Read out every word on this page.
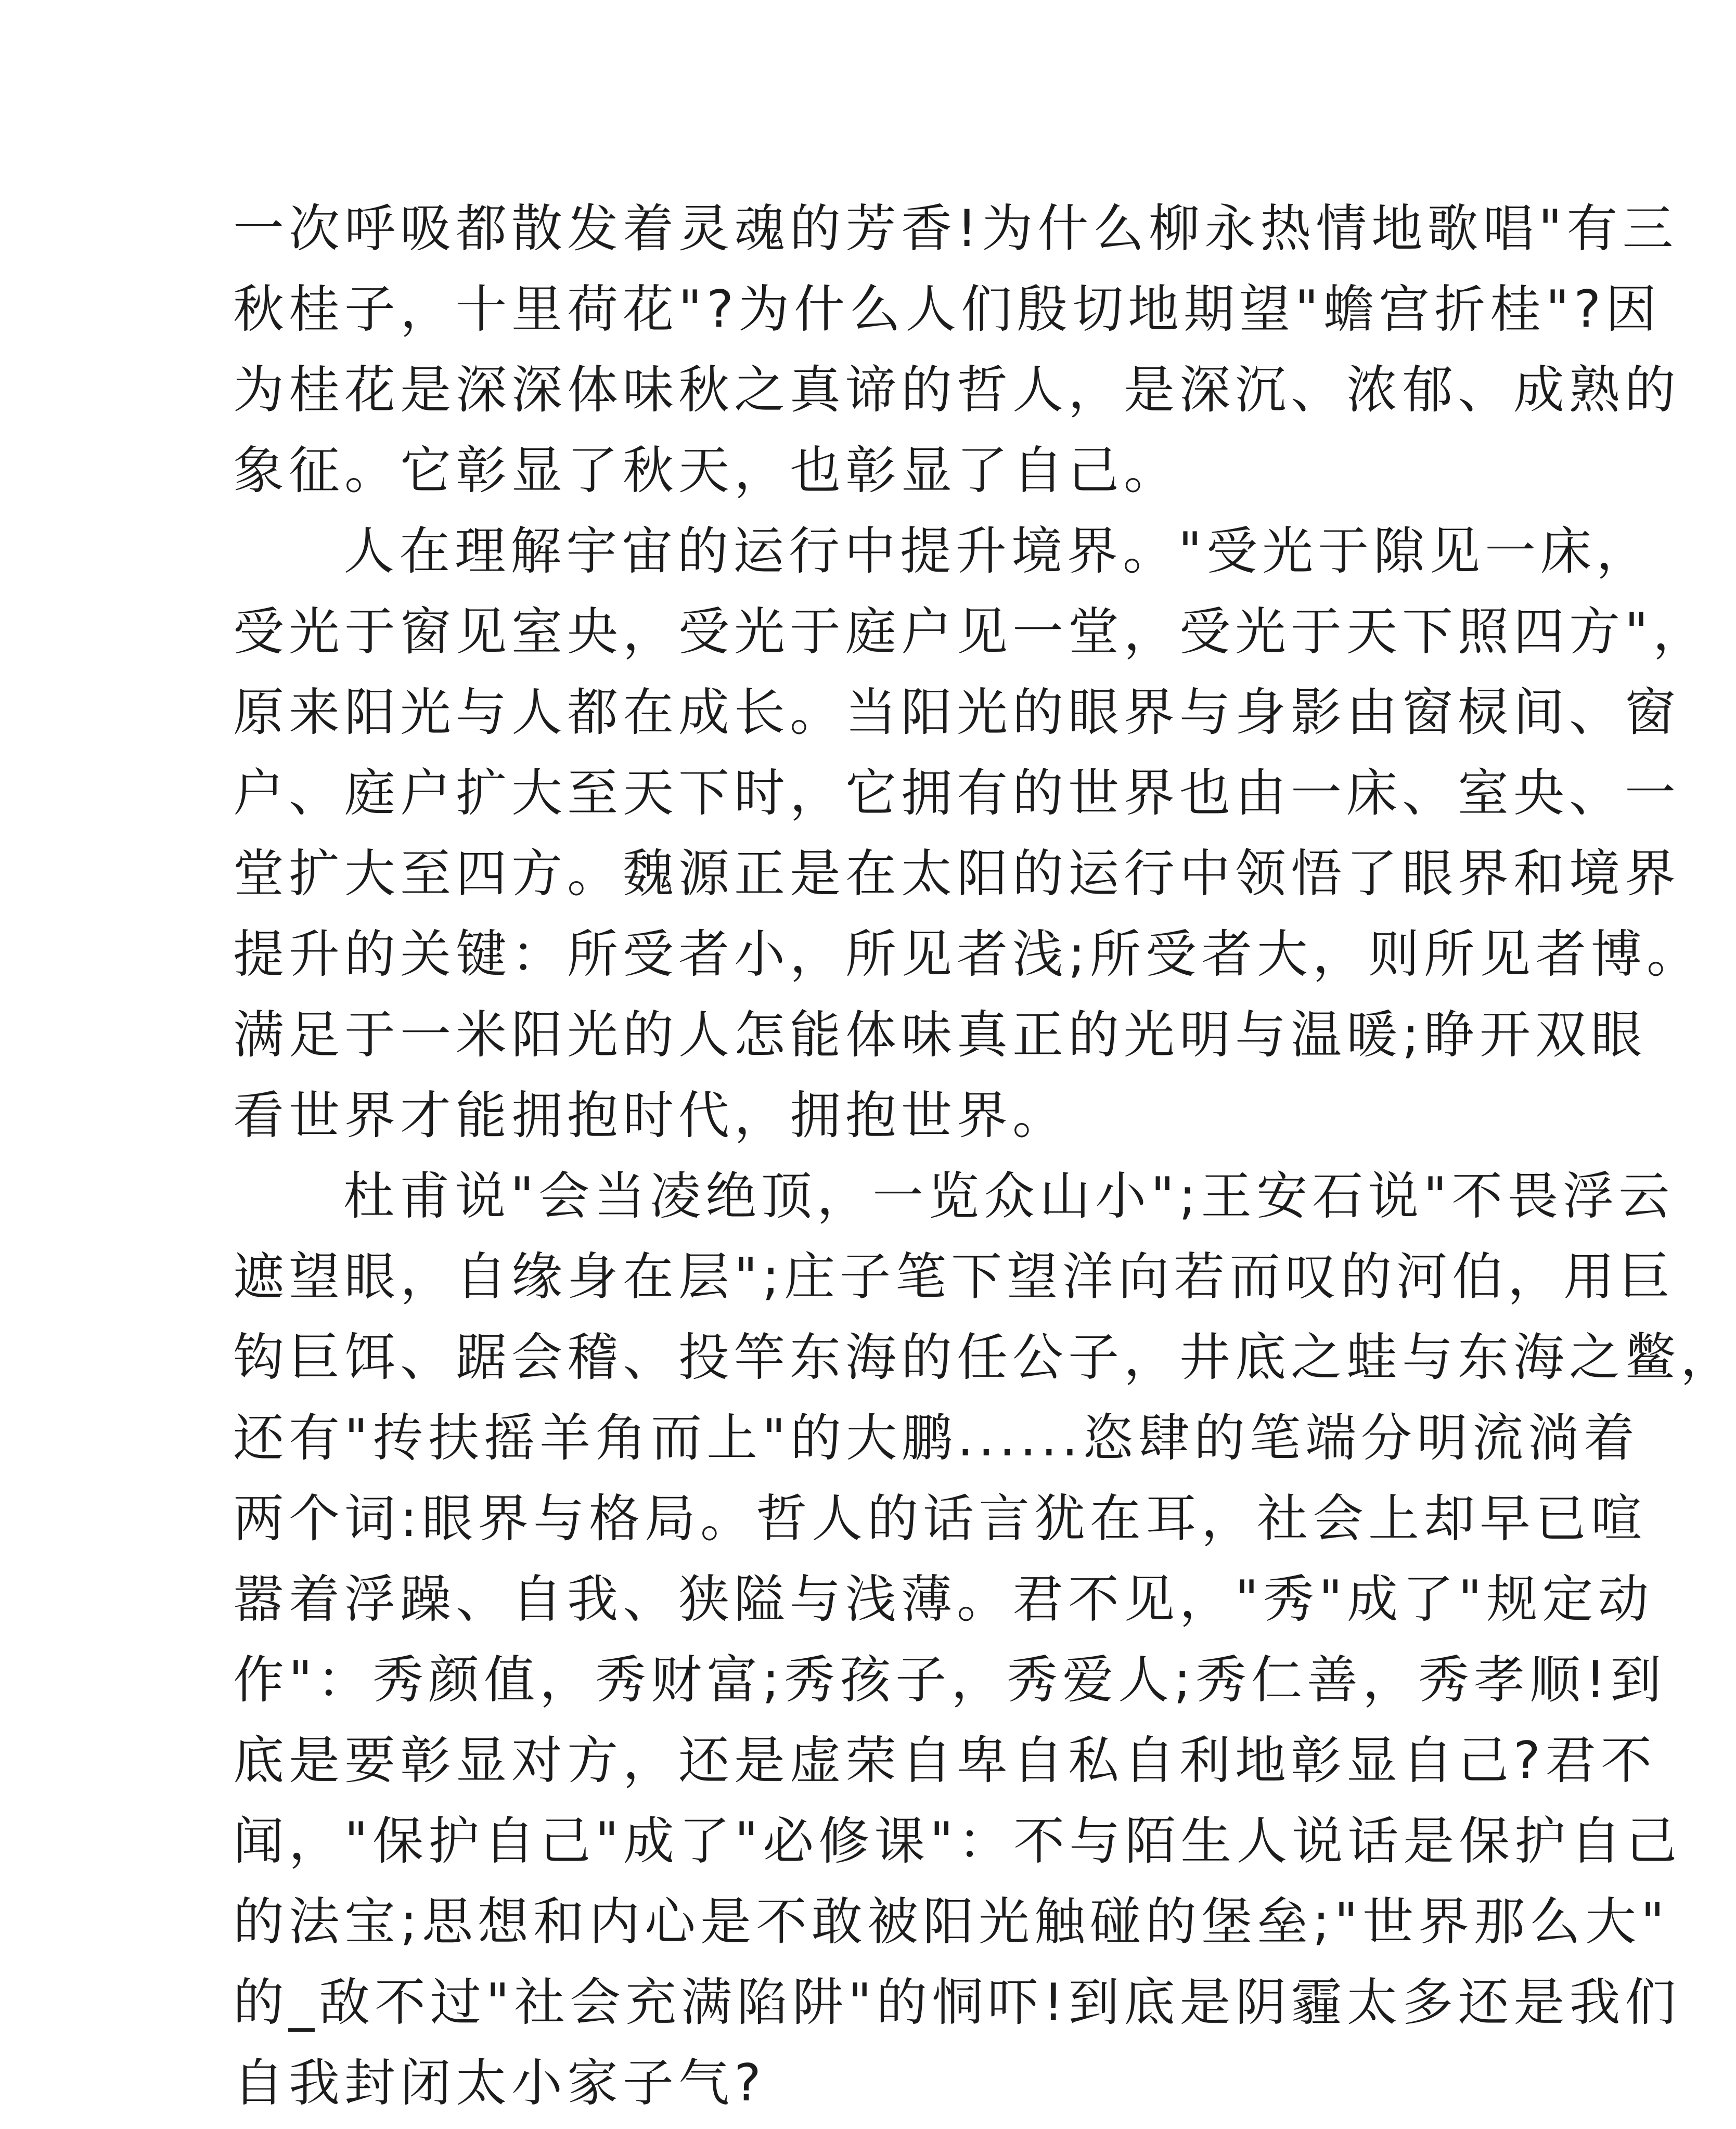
一次呼吸都散发着灵魂的芳香!为什么柳永热情地歌唱"有三
秋桂子，十里荷花"?为什么人们殷切地期望"蟾宫折桂"?因
为桂花是深深体味秋之真谛的哲人，是深沉、浓郁、成熟的
象征。它彰显了秋天，也彰显了自己。
人在理解宇宙的运行中提升境界。"受光于隙见一床，
受光于窗见室央，受光于庭户见一堂，受光于天下照四方"，
原来阳光与人都在成长。当阳光的眼界与身影由窗棂间、窗
户、庭户扩大至天下时，它拥有的世界也由一床、室央、一
堂扩大至四方。魏源正是在太阳的运行中领悟了眼界和境界
提升的关键：所受者小，所见者浅;所受者大，则所见者博。
满足于一米阳光的人怎能体味真正的光明与温暖;睁开双眼
看世界才能拥抱时代，拥抱世界。
杜甫说"会当凌绝顶，一览众山小";王安石说"不畏浮云
遮望眼，自缘身在层";庄子笔下望洋向若而叹的河伯，用巨
钩巨饵、踞会稽、投竿东海的任公子，井底之蛙与东海之鳖，
还有"抟扶摇羊角而上"的大鹏......恣肆的笔端分明流淌着
两个词:眼界与格局。哲人的话言犹在耳，社会上却早已喧
嚣着浮躁、自我、狭隘与浅薄。君不见，"秀"成了"规定动
作"：秀颜值，秀财富;秀孩子，秀爱人;秀仁善，秀孝顺!到
底是要彰显对方，还是虚荣自卑自私自利地彰显自己?君不
闻，"保护自己"成了"必修课"：不与陌生人说话是保护自己
的法宝;思想和内心是不敢被阳光触碰的堡垒;"世界那么大"
的_敌不过"社会充满陷阱"的恫吓!到底是阴霾太多还是我们
自我封闭太小家子气?
